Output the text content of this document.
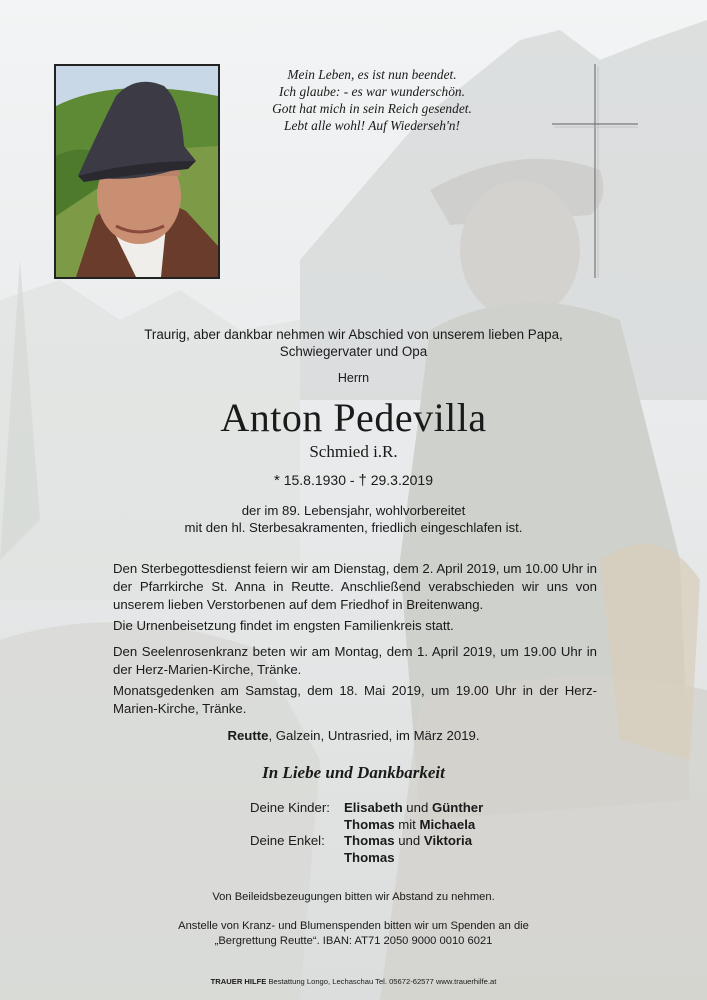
Mein Leben, es ist nun beendet.
Ich glaube: - es war wunderschön.
Gott hat mich in sein Reich gesendet.
Lebt alle wohl! Auf Wiederseh'n!
Traurig, aber dankbar nehmen wir Abschied von unserem lieben Papa,
Schwiegervater und Opa
Herrn
Anton Pedevilla
Schmied i.R.
* 15.8.1930 - † 29.3.2019
der im 89. Lebensjahr, wohlvorbereitet
mit den hl. Sterbesakramenten, friedlich eingeschlafen ist.
Den Sterbegottesdienst feiern wir am Dienstag, dem 2. April 2019, um 10.00 Uhr in der Pfarrkirche St. Anna in Reutte. Anschließend verabschieden wir uns von unserem lieben Verstorbenen auf dem Friedhof in Breitenwang.
Die Urnenbeisetzung findet im engsten Familienkreis statt.
Den Seelenrosenkranz beten wir am Montag, dem 1. April 2019, um 19.00 Uhr in der Herz-Marien-Kirche, Tränke.
Monatsgedenken am Samstag, dem 18. Mai 2019, um 19.00 Uhr in der Herz-Marien-Kirche, Tränke.
Reutte, Galzein, Untrasried, im März 2019.
In Liebe und Dankbarkeit
Deine Kinder:	Elisabeth und Günther
Thomas mit Michaela
Deine Enkel:	Thomas und Viktoria
Thomas
Von Beileidsbezeugungen bitten wir Abstand zu nehmen.
Anstelle von Kranz- und Blumenspenden bitten wir um Spenden an die
„Bergrettung Reutte“. IBAN: AT71 2050 9000 0010 6021
TRAUER HILFE Bestattung Longo, Lechaschau Tel. 05672-62577 www.trauerhilfe.at
